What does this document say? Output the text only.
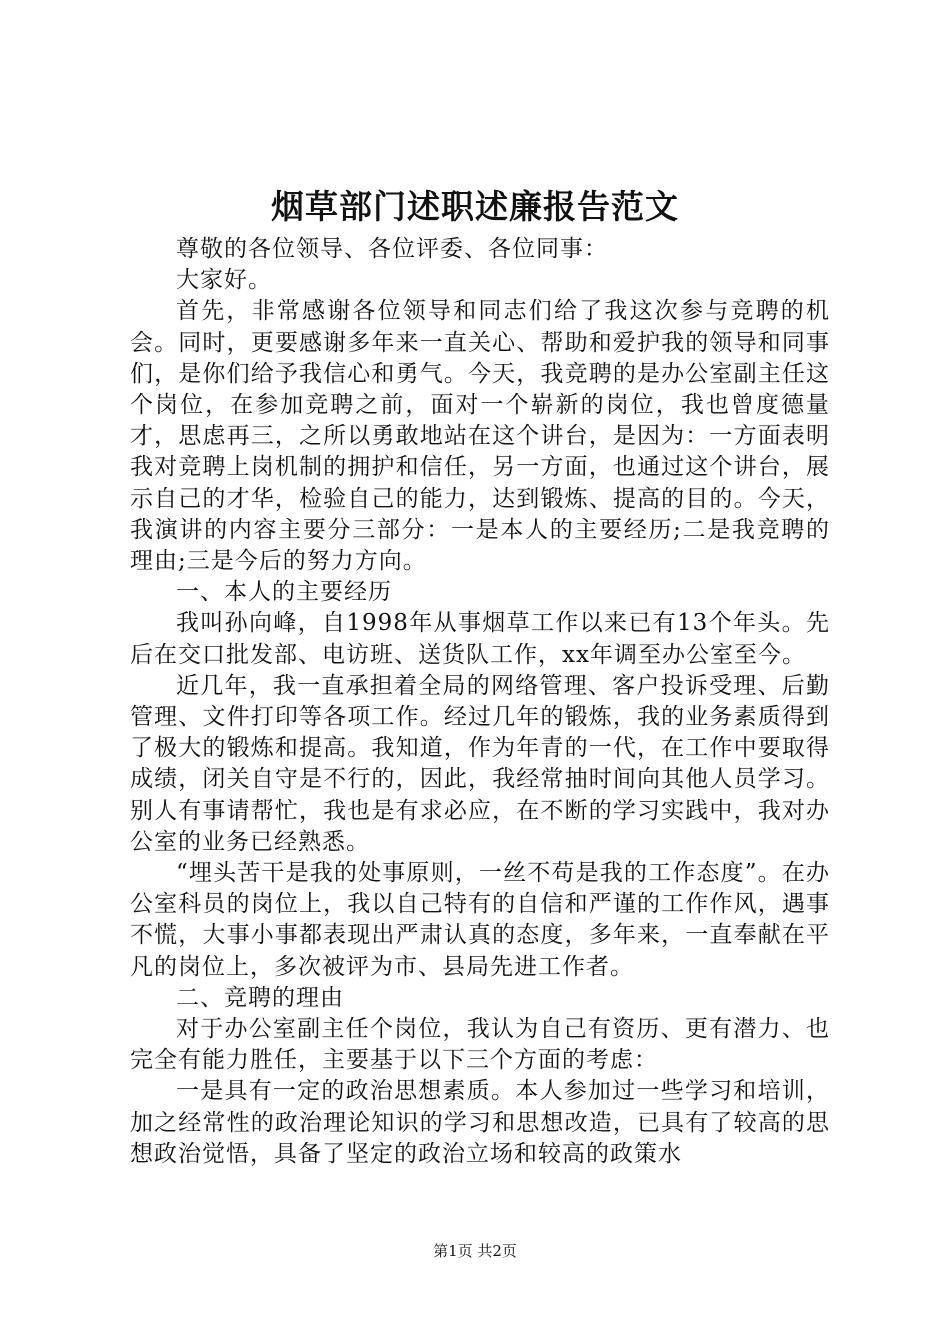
烟草部门述职述廉报告范文

尊敬的各位领导、各位评委、各位同事：

大家好。

首先，非常感谢各位领导和同志们给了我这次参与竞聘的机会。同时，更要感谢多年来一直关心、帮助和爱护我的领导和同事们，是你们给予我信心和勇气。今天，我竞聘的是办公室副主任这个岗位，在参加竞聘之前，面对一个崭新的岗位，我也曾度德量才，思虑再三，之所以勇敢地站在这个讲台，是因为：一方面表明我对竞聘上岗机制的拥护和信任，另一方面，也通过这个讲台，展示自己的才华，检验自己的能力，达到锻炼、提高的目的。今天，我演讲的内容主要分三部分：一是本人的主要经历;二是我竞聘的理由;三是今后的努力方向。

一、本人的主要经历

我叫孙向峰，自1998年从事烟草工作以来已有13个年头。先后在交口批发部、电访班、送货队工作，xx年调至办公室至今。

近几年，我一直承担着全局的网络管理、客户投诉受理、后勤管理、文件打印等各项工作。经过几年的锻炼，我的业务素质得到了极大的锻炼和提高。我知道，作为年青的一代，在工作中要取得成绩，闭关自守是不行的，因此，我经常抽时间向其他人员学习。别人有事请帮忙，我也是有求必应，在不断的学习实践中，我对办公室的业务已经熟悉。

“埋头苦干是我的处事原则，一丝不苟是我的工作态度”。在办公室科员的岗位上，我以自己特有的自信和严谨的工作作风，遇事不慌，大事小事都表现出严肃认真的态度，多年来，一直奉献在平凡的岗位上，多次被评为市、县局先进工作者。

二、竞聘的理由

对于办公室副主任个岗位，我认为自己有资历、更有潜力、也完全有能力胜任，主要基于以下三个方面的考虑：

一是具有一定的政治思想素质。本人参加过一些学习和培训，加之经常性的政治理论知识的学习和思想改造，已具有了较高的思想政治觉悟，具备了坚定的政治立场和较高的政策水

第1页 共2页
